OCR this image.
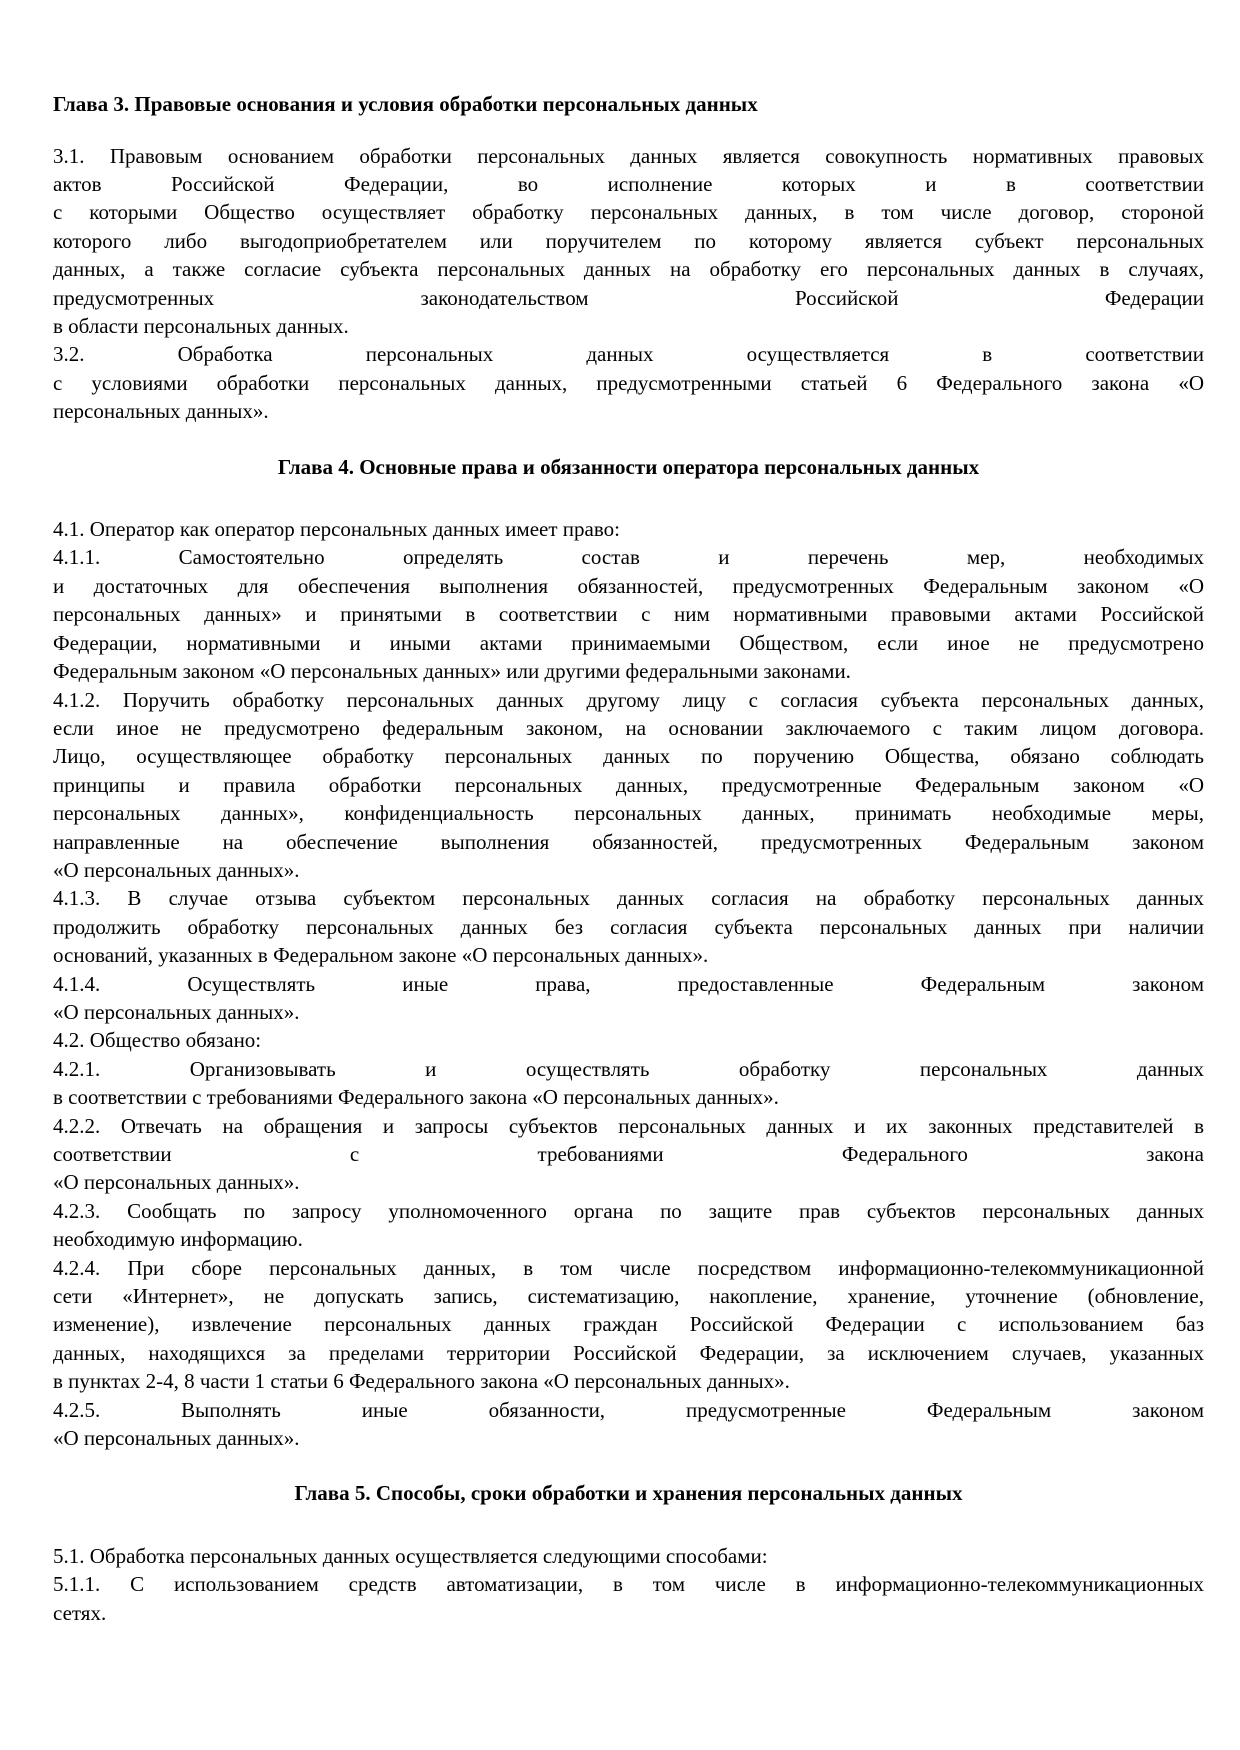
Глава 3. Правовые основания и условия обработки персональных данных
3.1. Правовым основанием обработки персональных данных является совокупность нормативных правовых
актов Российской Федерации, во исполнение которых и в соответствии
с которыми Общество осуществляет обработку персональных данных, в том числе договор, стороной
которого либо выгодоприобретателем или поручителем по которому является субъект персональных
данных, а также согласие субъекта персональных данных на обработку его персональных данных в случаях,
предусмотренных законодательством Российской Федерации
в области персональных данных.
3.2. Обработка персональных данных осуществляется в соответствии
с условиями обработки персональных данных, предусмотренными статьей 6 Федерального закона «О
персональных данных».
Глава 4. Основные права и обязанности оператора персональных данных
4.1. Оператор как оператор персональных данных имеет право:
4.1.1. Самостоятельно определять состав и перечень мер, необходимых
и достаточных для обеспечения выполнения обязанностей, предусмотренных Федеральным законом «О
персональных данных» и принятыми в соответствии с ним нормативными правовыми актами Российской
Федерации, нормативными и иными актами принимаемыми Обществом, если иное не предусмотрено
Федеральным законом «О персональных данных» или другими федеральными законами.
4.1.2. Поручить обработку персональных данных другому лицу с согласия субъекта персональных данных,
если иное не предусмотрено федеральным законом, на основании заключаемого с таким лицом договора.
Лицо, осуществляющее обработку персональных данных по поручению Общества, обязано соблюдать
принципы и правила обработки персональных данных, предусмотренные Федеральным законом «О
персональных данных», конфиденциальность персональных данных, принимать необходимые меры,
направленные на обеспечение выполнения обязанностей, предусмотренных Федеральным законом
«О персональных данных».
4.1.3. В случае отзыва субъектом персональных данных согласия на обработку персональных данных
продолжить обработку персональных данных без согласия субъекта персональных данных при наличии
оснований, указанных в Федеральном законе «О персональных данных».
4.1.4. Осуществлять иные права, предоставленные Федеральным законом
«О персональных данных».
4.2. Общество обязано:
4.2.1. Организовывать и осуществлять обработку персональных данных
в соответствии с требованиями Федерального закона «О персональных данных».
4.2.2. Отвечать на обращения и запросы субъектов персональных данных и их законных представителей в
соответствии с требованиями Федерального закона
«О персональных данных».
4.2.3. Сообщать по запросу уполномоченного органа по защите прав субъектов персональных данных
необходимую информацию.
4.2.4. При сборе персональных данных, в том числе посредством информационно-телекоммуникационной
сети «Интернет», не допускать запись, систематизацию, накопление, хранение, уточнение (обновление,
изменение), извлечение персональных данных граждан Российской Федерации с использованием баз
данных, находящихся за пределами территории Российской Федерации, за исключением случаев, указанных
в пунктах 2-4, 8 части 1 статьи 6 Федерального закона «О персональных данных».
4.2.5. Выполнять иные обязанности, предусмотренные Федеральным законом
«О персональных данных».
Глава 5. Способы, сроки обработки и хранения персональных данных
5.1. Обработка персональных данных осуществляется следующими способами:
5.1.1. С использованием средств автоматизации, в том числе в информационно-телекоммуникационных
сетях.
